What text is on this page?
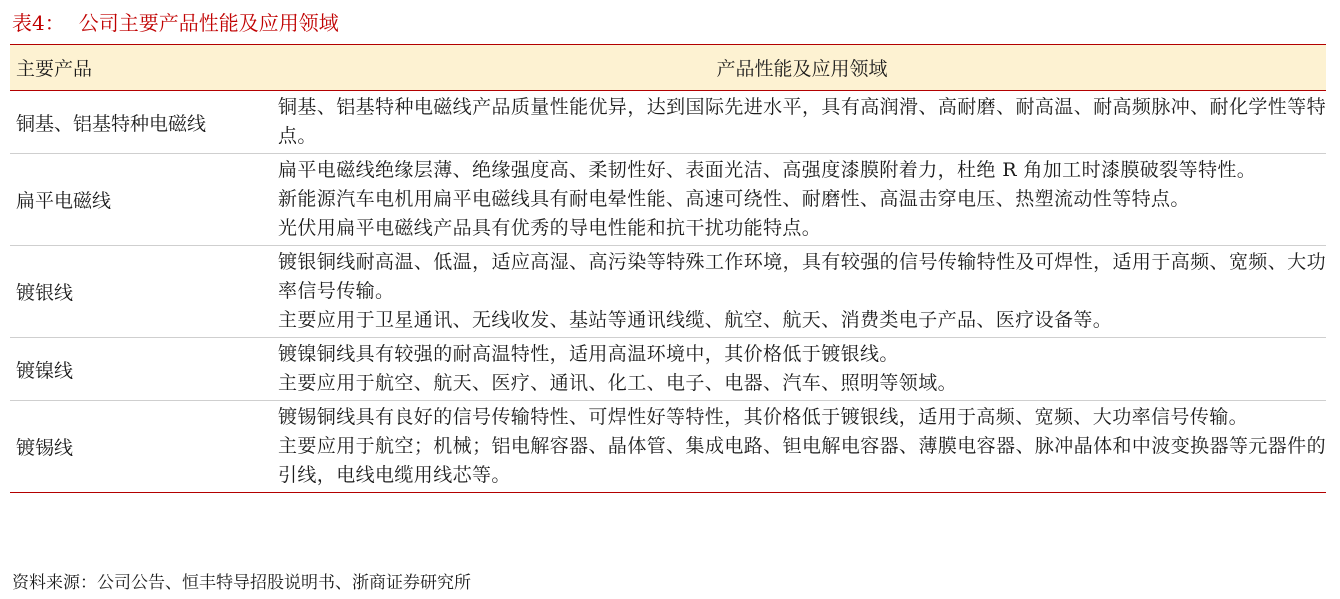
表4： 公司主要产品性能及应用领域
主要产品	产品性能及应用领域
铜基、铝基特种电磁线	铜基、铝基特种电磁线产品质量性能优异，达到国际先进水平，具有高润滑、高耐磨、耐高温、耐高频脉冲、耐化学性等特点。

扁平电磁线	扁平电磁线绝缘层薄、绝缘强度高、柔韧性好、表面光洁、高强度漆膜附着力，杜绝 R 角加工时漆膜破裂等特性。
新能源汽车电机用扁平电磁线具有耐电晕性能、高速可绕性、耐磨性、高温击穿电压、热塑流动性等特点。
光伏用扁平电磁线产品具有优秀的导电性能和抗干扰功能特点。

镀银线	镀银铜线耐高温、低温，适应高湿、高污染等特殊工作环境，具有较强的信号传输特性及可焊性，适用于高频、宽频、大功率信号传输。
主要应用于卫星通讯、无线收发、基站等通讯线缆、航空、航天、消费类电子产品、医疗设备等。

镀镍线	镀镍铜线具有较强的耐高温特性，适用高温环境中，其价格低于镀银线。
主要应用于航空、航天、医疗、通讯、化工、电子、电器、汽车、照明等领域。

镀锡线	镀锡铜线具有良好的信号传输特性、可焊性好等特性，其价格低于镀银线，适用于高频、宽频、大功率信号传输。
主要应用于航空；机械；铝电解容器、晶体管、集成电路、钽电解电容器、薄膜电容器、脉冲晶体和中波变换器等元器件的引线，电线电缆用线芯等。
资料来源：公司公告、恒丰特导招股说明书、浙商证券研究所
